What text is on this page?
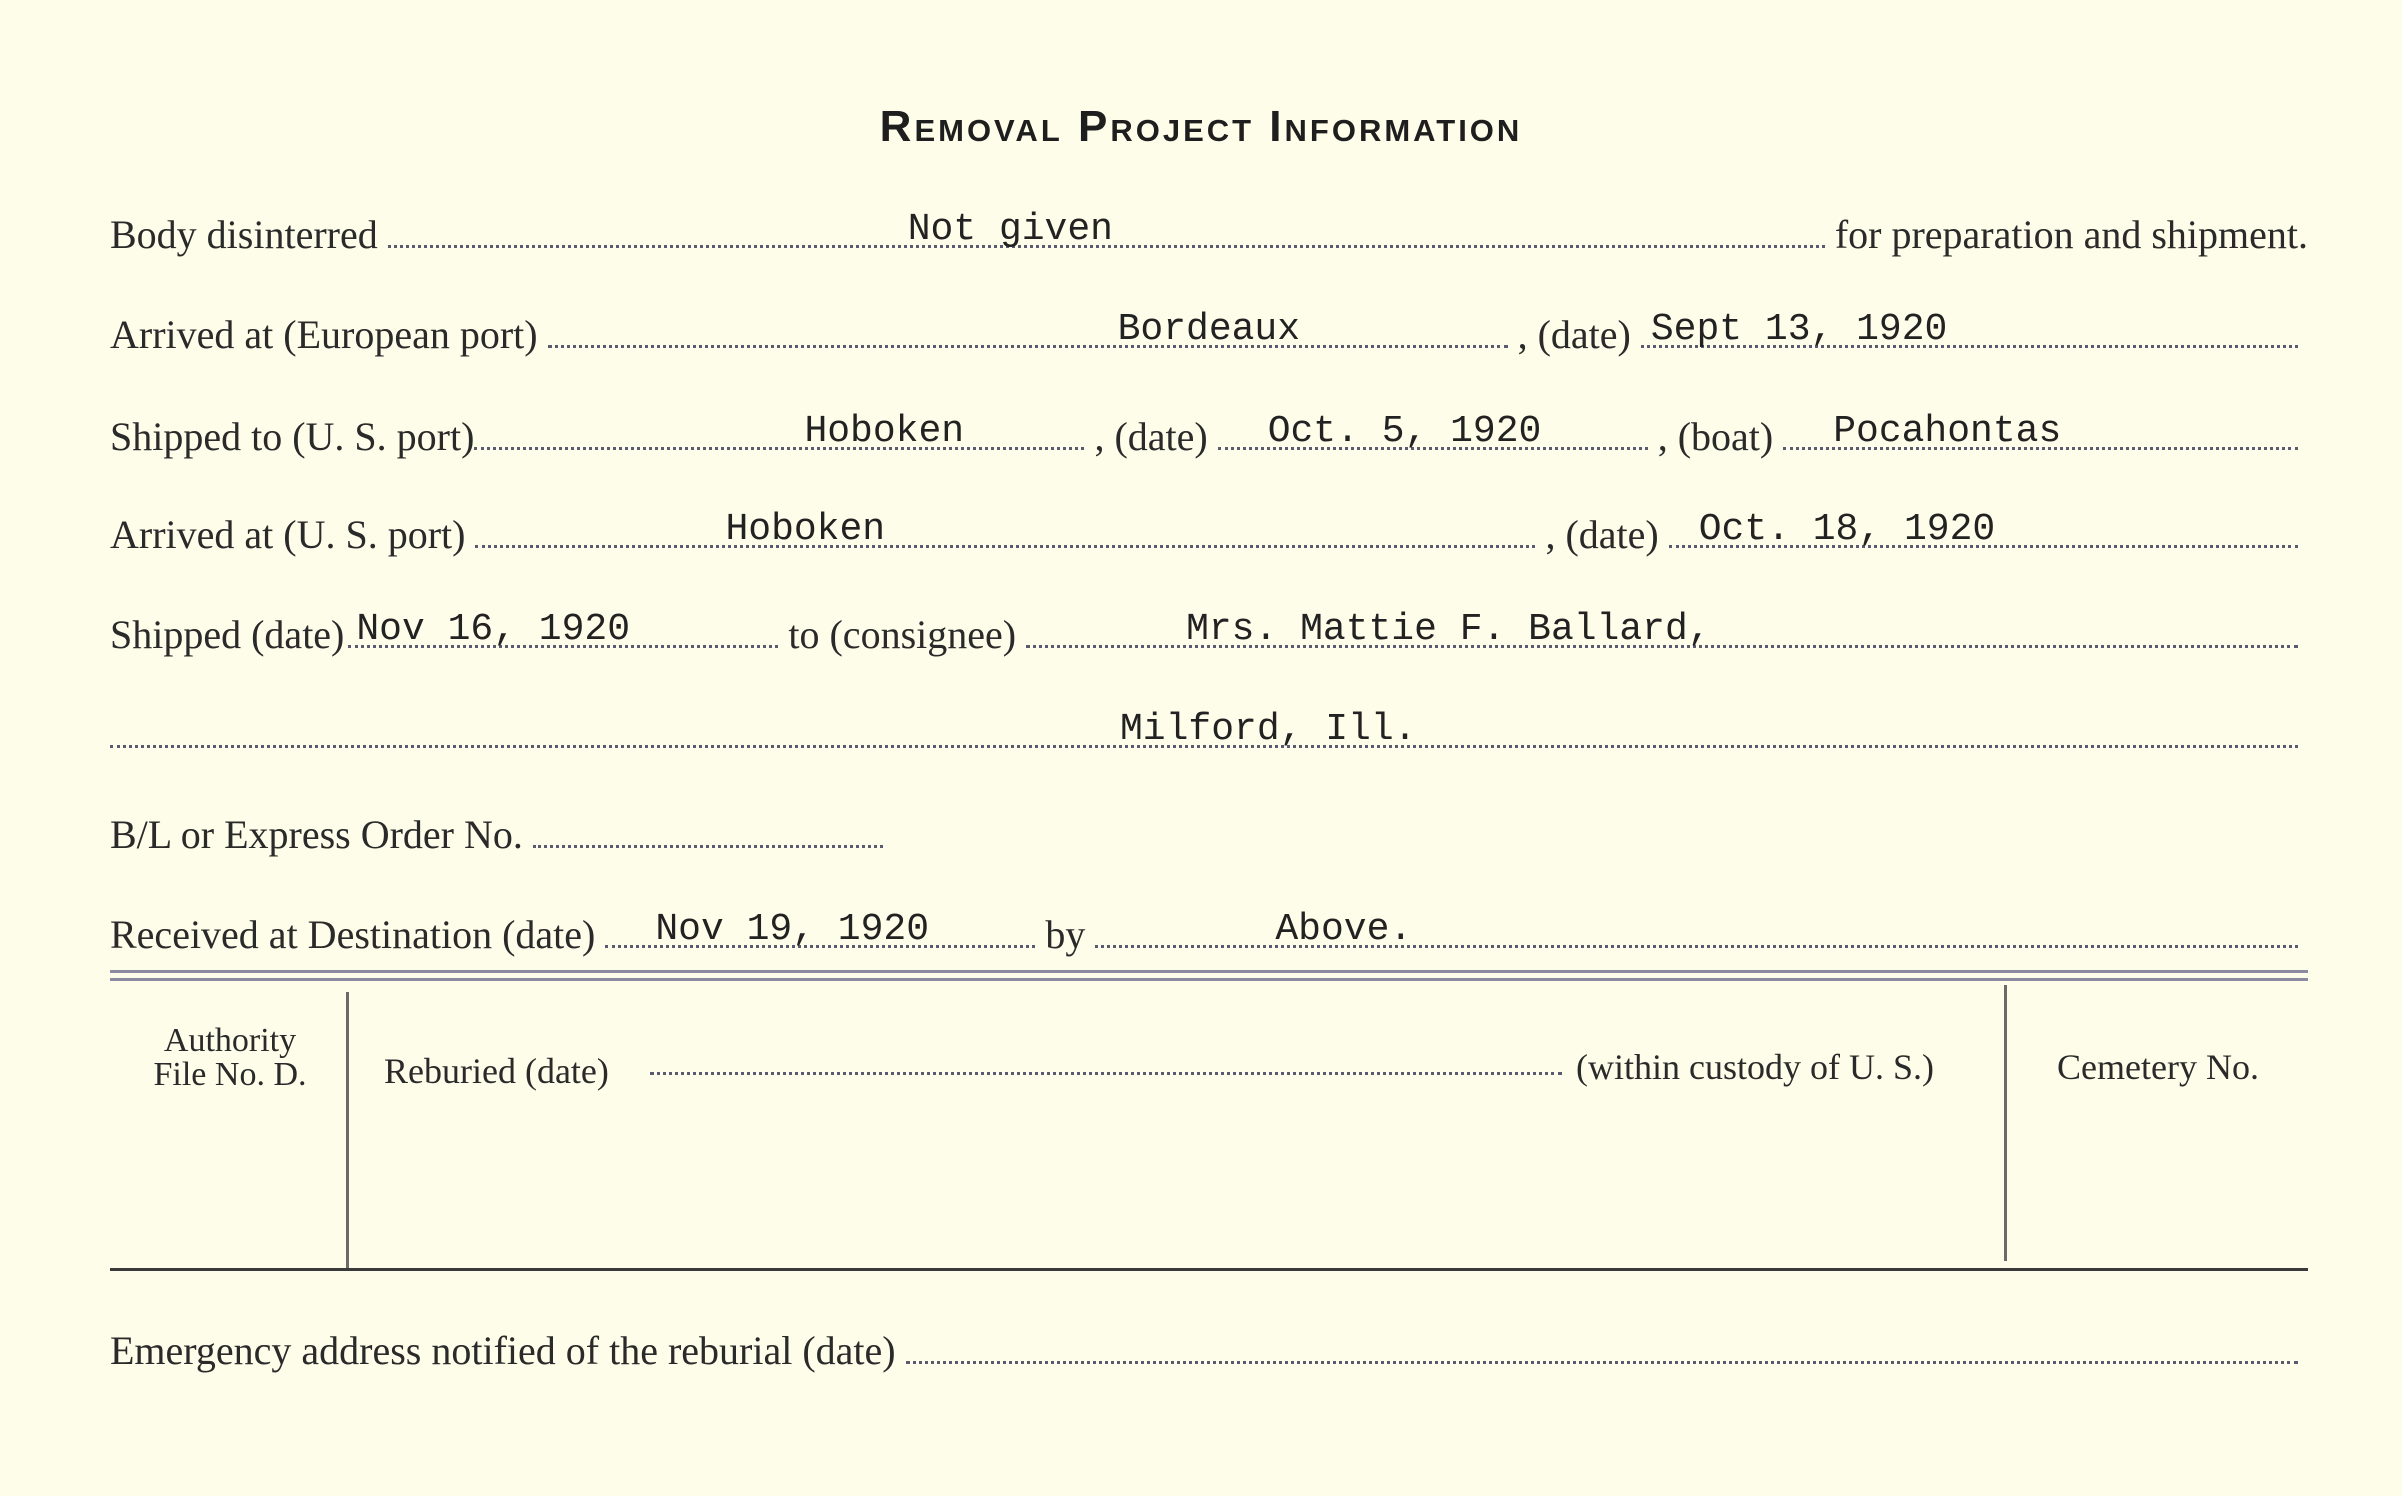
Removal Project Information
Body disinterred	Not given	for preparation and shipment.
Arrived at (European port)	Bordeaux	, (date) Sept 13, 1920
Shipped to (U. S. port)	Hoboken	, (date) Oct. 5, 1920	, (boat) Pocahontas
Arrived at (U. S. port)	Hoboken	, (date) Oct. 18, 1920
Shipped (date) Nov 16, 1920	to (consignee)	Mrs. Mattie F. Ballard,
Milford, Ill.
B/L or Express Order No.
Received at Destination (date) Nov 19, 1920	by	Above.
Authority
File No. D.	Reburied (date)	(within custody of U. S.)	Cemetery No.
Emergency address notified of the reburial (date)
